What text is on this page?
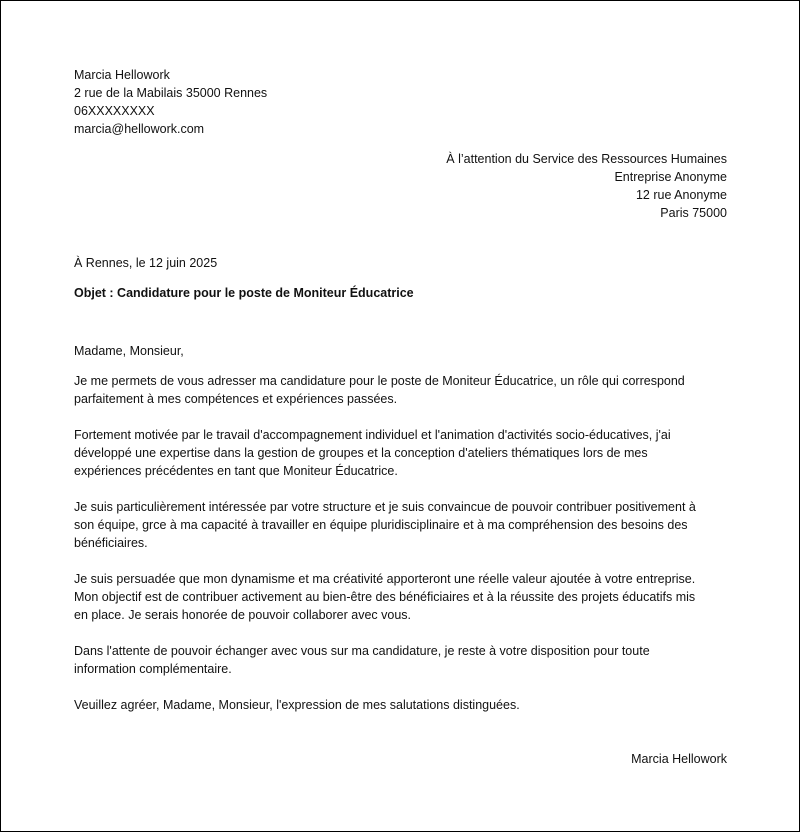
Marcia Hellowork
2 rue de la Mabilais 35000 Rennes
06XXXXXXXX
marcia@hellowork.com
À l’attention du Service des Ressources Humaines
Entreprise Anonyme
12 rue Anonyme
Paris 75000
À Rennes, le 12 juin 2025
Objet : Candidature pour le poste de Moniteur Éducatrice
Madame, Monsieur,

Je me permets de vous adresser ma candidature pour le poste de Moniteur Éducatrice, un rôle qui correspond
parfaitement à mes compétences et expériences passées.

Fortement motivée par le travail d'accompagnement individuel et l'animation d'activités socio-éducatives, j'ai
développé une expertise dans la gestion de groupes et la conception d'ateliers thématiques lors de mes
expériences précédentes en tant que Moniteur Éducatrice.

Je suis particulièrement intéressée par votre structure et je suis convaincue de pouvoir contribuer positivement à
son équipe, grce à ma capacité à travailler en équipe pluridisciplinaire et à ma compréhension des besoins des
bénéficiaires.

Je suis persuadée que mon dynamisme et ma créativité apporteront une réelle valeur ajoutée à votre entreprise.
Mon objectif est de contribuer activement au bien-être des bénéficiaires et à la réussite des projets éducatifs mis
en place. Je serais honorée de pouvoir collaborer avec vous.

Dans l'attente de pouvoir échanger avec vous sur ma candidature, je reste à votre disposition pour toute
information complémentaire.

Veuillez agréer, Madame, Monsieur, l'expression de mes salutations distinguées.
Marcia Hellowork
